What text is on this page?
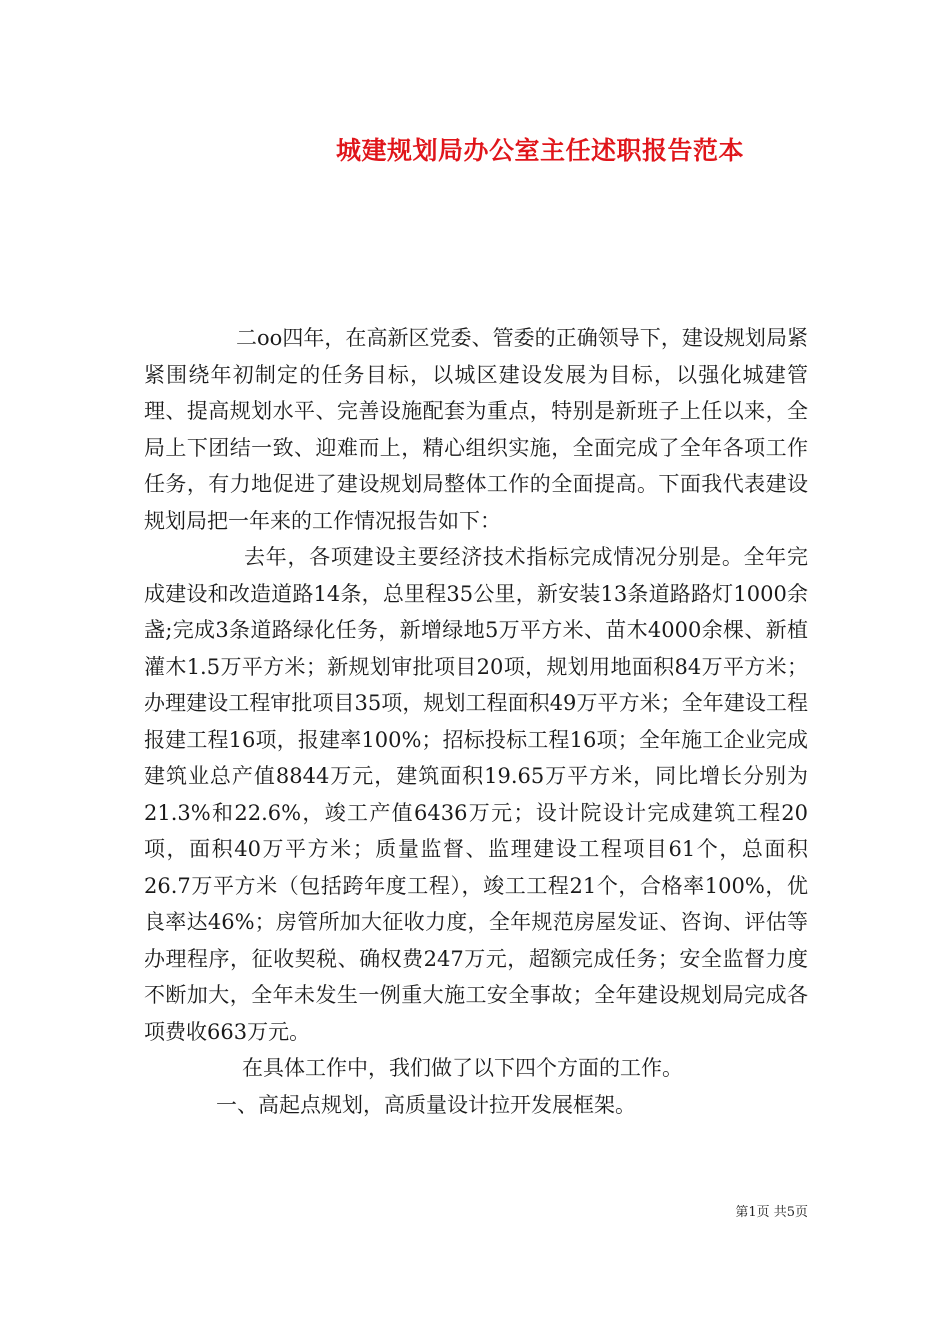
城建规划局办公室主任述职报告范本

二oo四年，在高新区党委、管委的正确领导下，建设规划局紧紧围绕年初制定的任务目标，以城区建设发展为目标，以强化城建管理、提高规划水平、完善设施配套为重点，特别是新班子上任以来，全局上下团结一致、迎难而上，精心组织实施，全面完成了全年各项工作任务，有力地促进了建设规划局整体工作的全面提高。下面我代表建设规划局把一年来的工作情况报告如下：

去年，各项建设主要经济技术指标完成情况分别是。全年完成建设和改造道路14条，总里程35公里，新安装13条道路路灯1000余盏;完成3条道路绿化任务，新增绿地5万平方米、苗木4000余棵、新植灌木1.5万平方米；新规划审批项目20项，规划用地面积84万平方米；办理建设工程审批项目35项，规划工程面积49万平方米；全年建设工程报建工程16项，报建率100%；招标投标工程16项；全年施工企业完成建筑业总产值8844万元，建筑面积19.65万平方米，同比增长分别为21.3%和22.6%，竣工产值6436万元；设计院设计完成建筑工程20项，面积40万平方米；质量监督、监理建设工程项目61个，总面积26.7万平方米（包括跨年度工程），竣工工程21个，合格率100%，优良率达46%；房管所加大征收力度，全年规范房屋发证、咨询、评估等办理程序，征收契税、确权费247万元，超额完成任务；安全监督力度不断加大，全年未发生一例重大施工安全事故；全年建设规划局完成各项费收663万元。

在具体工作中，我们做了以下四个方面的工作。

一、高起点规划，高质量设计拉开发展框架。

第1页 共5页
